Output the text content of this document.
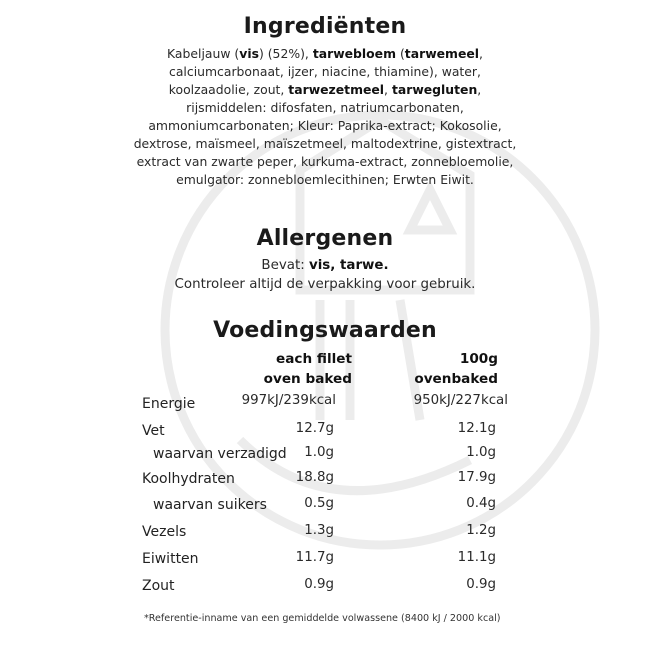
Ingrediënten
Kabeljauw (vis) (52%), tarwebloem (tarwemeel, calciumcarbonaat, ijzer, niacine, thiamine), water, koolzaadolie, zout, tarwezetmeel, tarwegluten, rijsmiddelen: difosfaten, natriumcarbonaten, ammoniumcarbonaten; Kleur: Paprika-extract; Kokosolie, dextrose, maïsmeel, maïszetmeel, maltodextrine, gistextract, extract van zwarte peper, kurkuma-extract, zonnebloemolie, emulgator: zonnebloemlecithinen; Erwten Eiwit.
Allergenen
Bevat: vis, tarwe.
Controleer altijd de verpakking voor gebruik.
Voedingswaarden
each fillet
oven baked
100g
ovenbaked
Energie	997kJ/239kcal	950kJ/227kcal
Vet	12.7g	12.1g
waarvan verzadigd 1.0g	1.0g
Koolhydraten	18.8g	17.9g
waarvan suikers	0.5g	0.4g
Vezels	1.3g	1.2g
Eiwitten	11.7g	11.1g
Zout	0.9g	0.9g
*Referentie-inname van een gemiddelde volwassene (8400 kJ / 2000 kcal)
